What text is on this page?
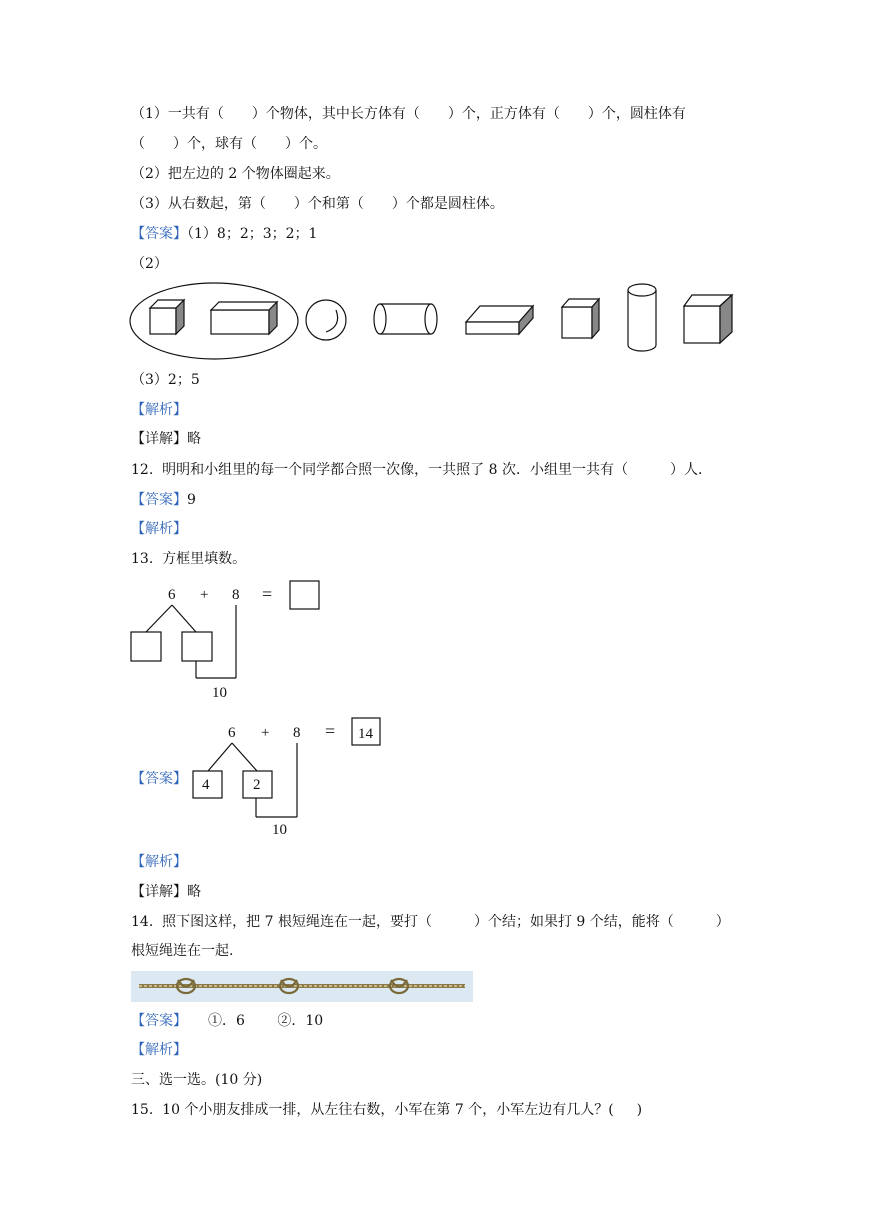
（1）一共有（　　）个物体，其中长方体有（　　）个，正方体有（　　）个，圆柱体有
（　　）个，球有（　　）个。
（2）把左边的 2 个物体圈起来。
（3）从右数起，第（　　）个和第（　　）个都是圆柱体。
【答案】（1）8；2；3；2；1
（2）
（3）2；5
【解析】
【详解】略
12.  明明和小组里的每一个同学都合照一次像，一共照了 8 次．小组里一共有（　　　）人．
【答案】9
【解析】
13.  方框里填数。
6 + 8 =
10
【答案】
6 + 8 = 14
4	2
10
【解析】
【详解】略
14.  照下图这样，把 7 根短绳连在一起，要打（　　　）个结；如果打 9 个结，能将（　　　）
根短绳连在一起.
【答案】　　①．6　　 ②．10
【解析】
三、选一选。(10 分)
15.  10 个小朋友排成一排，从左往右数，小军在第 7 个，小军左边有几人？(　  )
